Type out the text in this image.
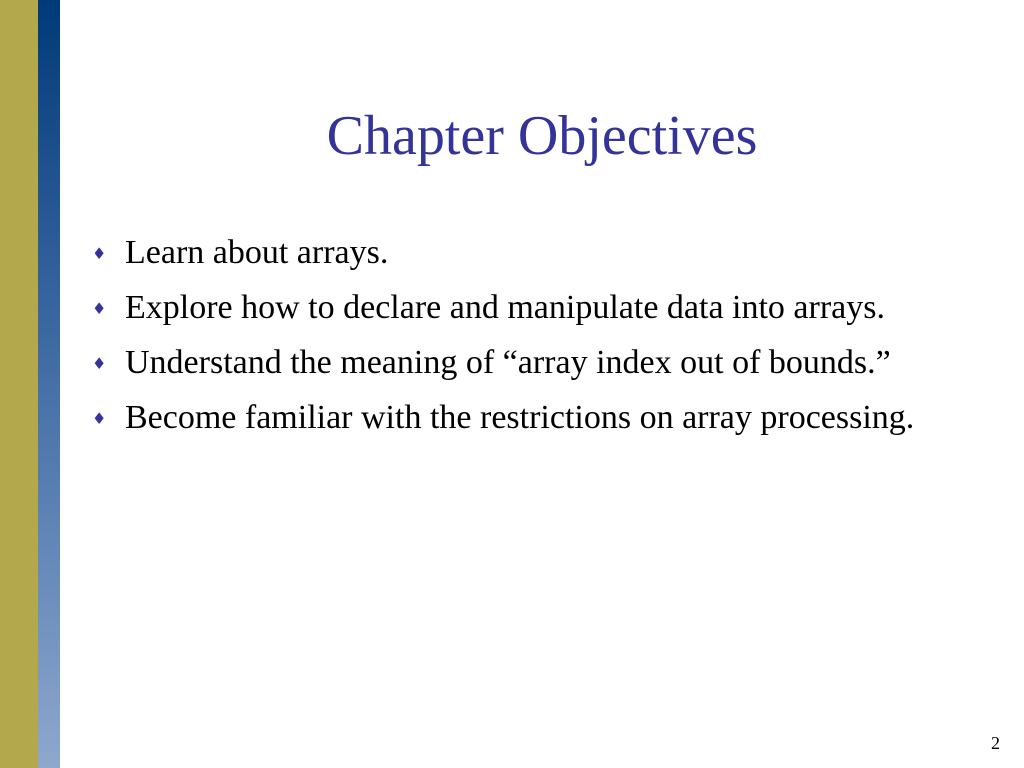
Chapter Objectives
♦ Learn about arrays.
♦ Explore how to declare and manipulate data into arrays.
♦ Understand the meaning of “array index out of bounds.”
♦ Become familiar with the restrictions on array processing.
2
